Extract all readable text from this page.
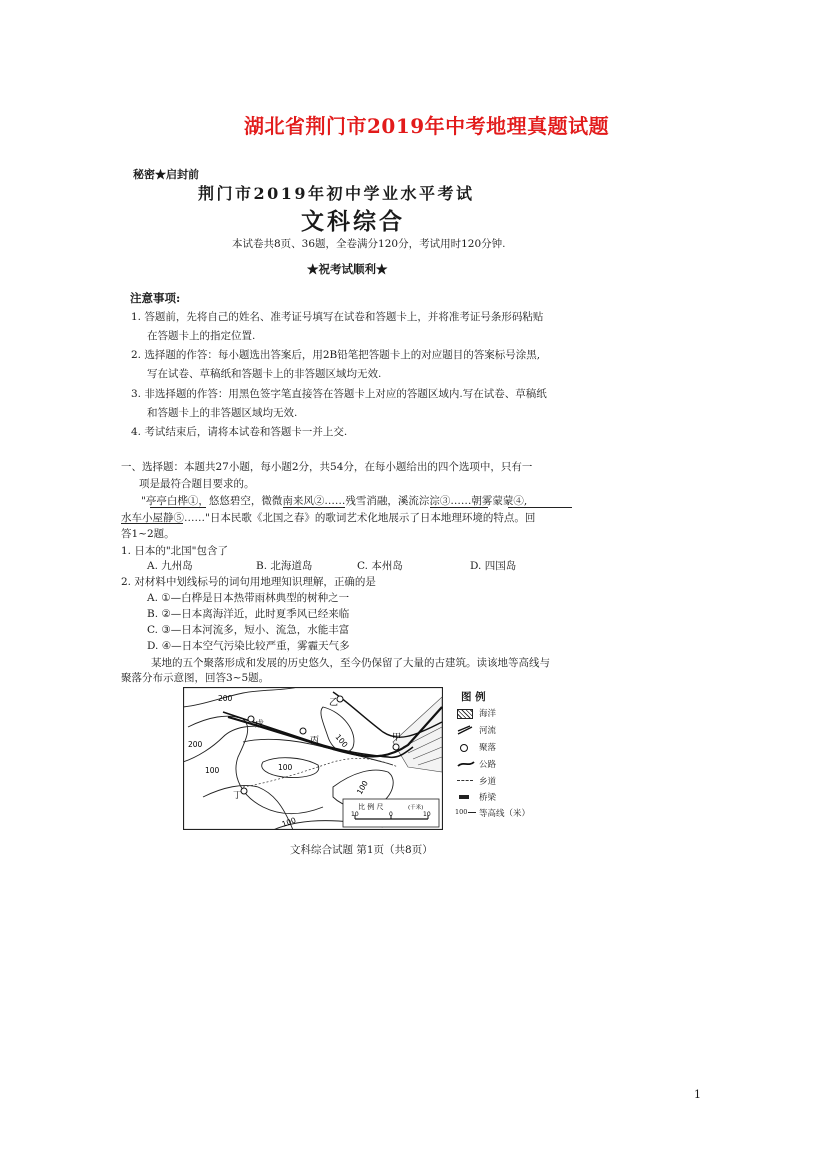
湖北省荆门市2019年中考地理真题试题
秘密★启封前
荆门市2019年初中学业水平考试
文科综合
本试卷共8页、36题，全卷满分120分，考试用时120分钟.
★祝考试顺利★
注意事项:
1. 答题前，先将自己的姓名、准考证号填写在试卷和答题卡上，并将准考证号条形码粘贴
在答题卡上的指定位置.
2. 选择题的作答：每小题选出答案后，用2B铅笔把答题卡上的对应题目的答案标号涂黑,
写在试卷、草稿纸和答题卡上的非答题区域均无效.
3. 非选择题的作答：用黑色签字笔直接答在答题卡上对应的答题区域内.写在试卷、草稿纸
和答题卡上的非答题区域均无效.
4. 考试结束后，请将本试卷和答题卡一并上交.
一、选择题：本题共27小题，每小题2分，共54分，在每小题给出的四个选项中，只有一
项是最符合题目要求的。
"亭亭白桦①，悠悠碧空，微微南来风②……残雪消融，溪流淙淙③……朝雾蒙蒙④,
水车小屋静⑤……"日本民歌《北国之春》的歌词艺术化地展示了日本地理环境的特点。回
答1~2题。
1. 日本的"北国"包含了
A. 九州岛	B. 北海道岛	C. 本州岛	D. 四国岛
2. 对材料中划线标号的词句用地理知识理解，正确的是
A. ①—白桦是日本热带雨林典型的树种之一
B. ②—日本离海洋近，此时夏季风已经来临
C. ③—日本河流多，短小、流急，水能丰富
D. ④—日本空气污染比较严重，雾霾天气多
某地的五个聚落形成和发展的历史悠久，至今仍保留了大量的古建筑。读该地等高线与
聚落分布示意图，回答3~5题。
200
200
100
100
100
100
100
戊
乙
丙	甲
丁
比 例 尺	(千米)
10	0	10
图 例
海洋
河流
聚落
公路
乡道
桥梁
100 等高线（米）
文科综合试题 第1页（共8页）
1
